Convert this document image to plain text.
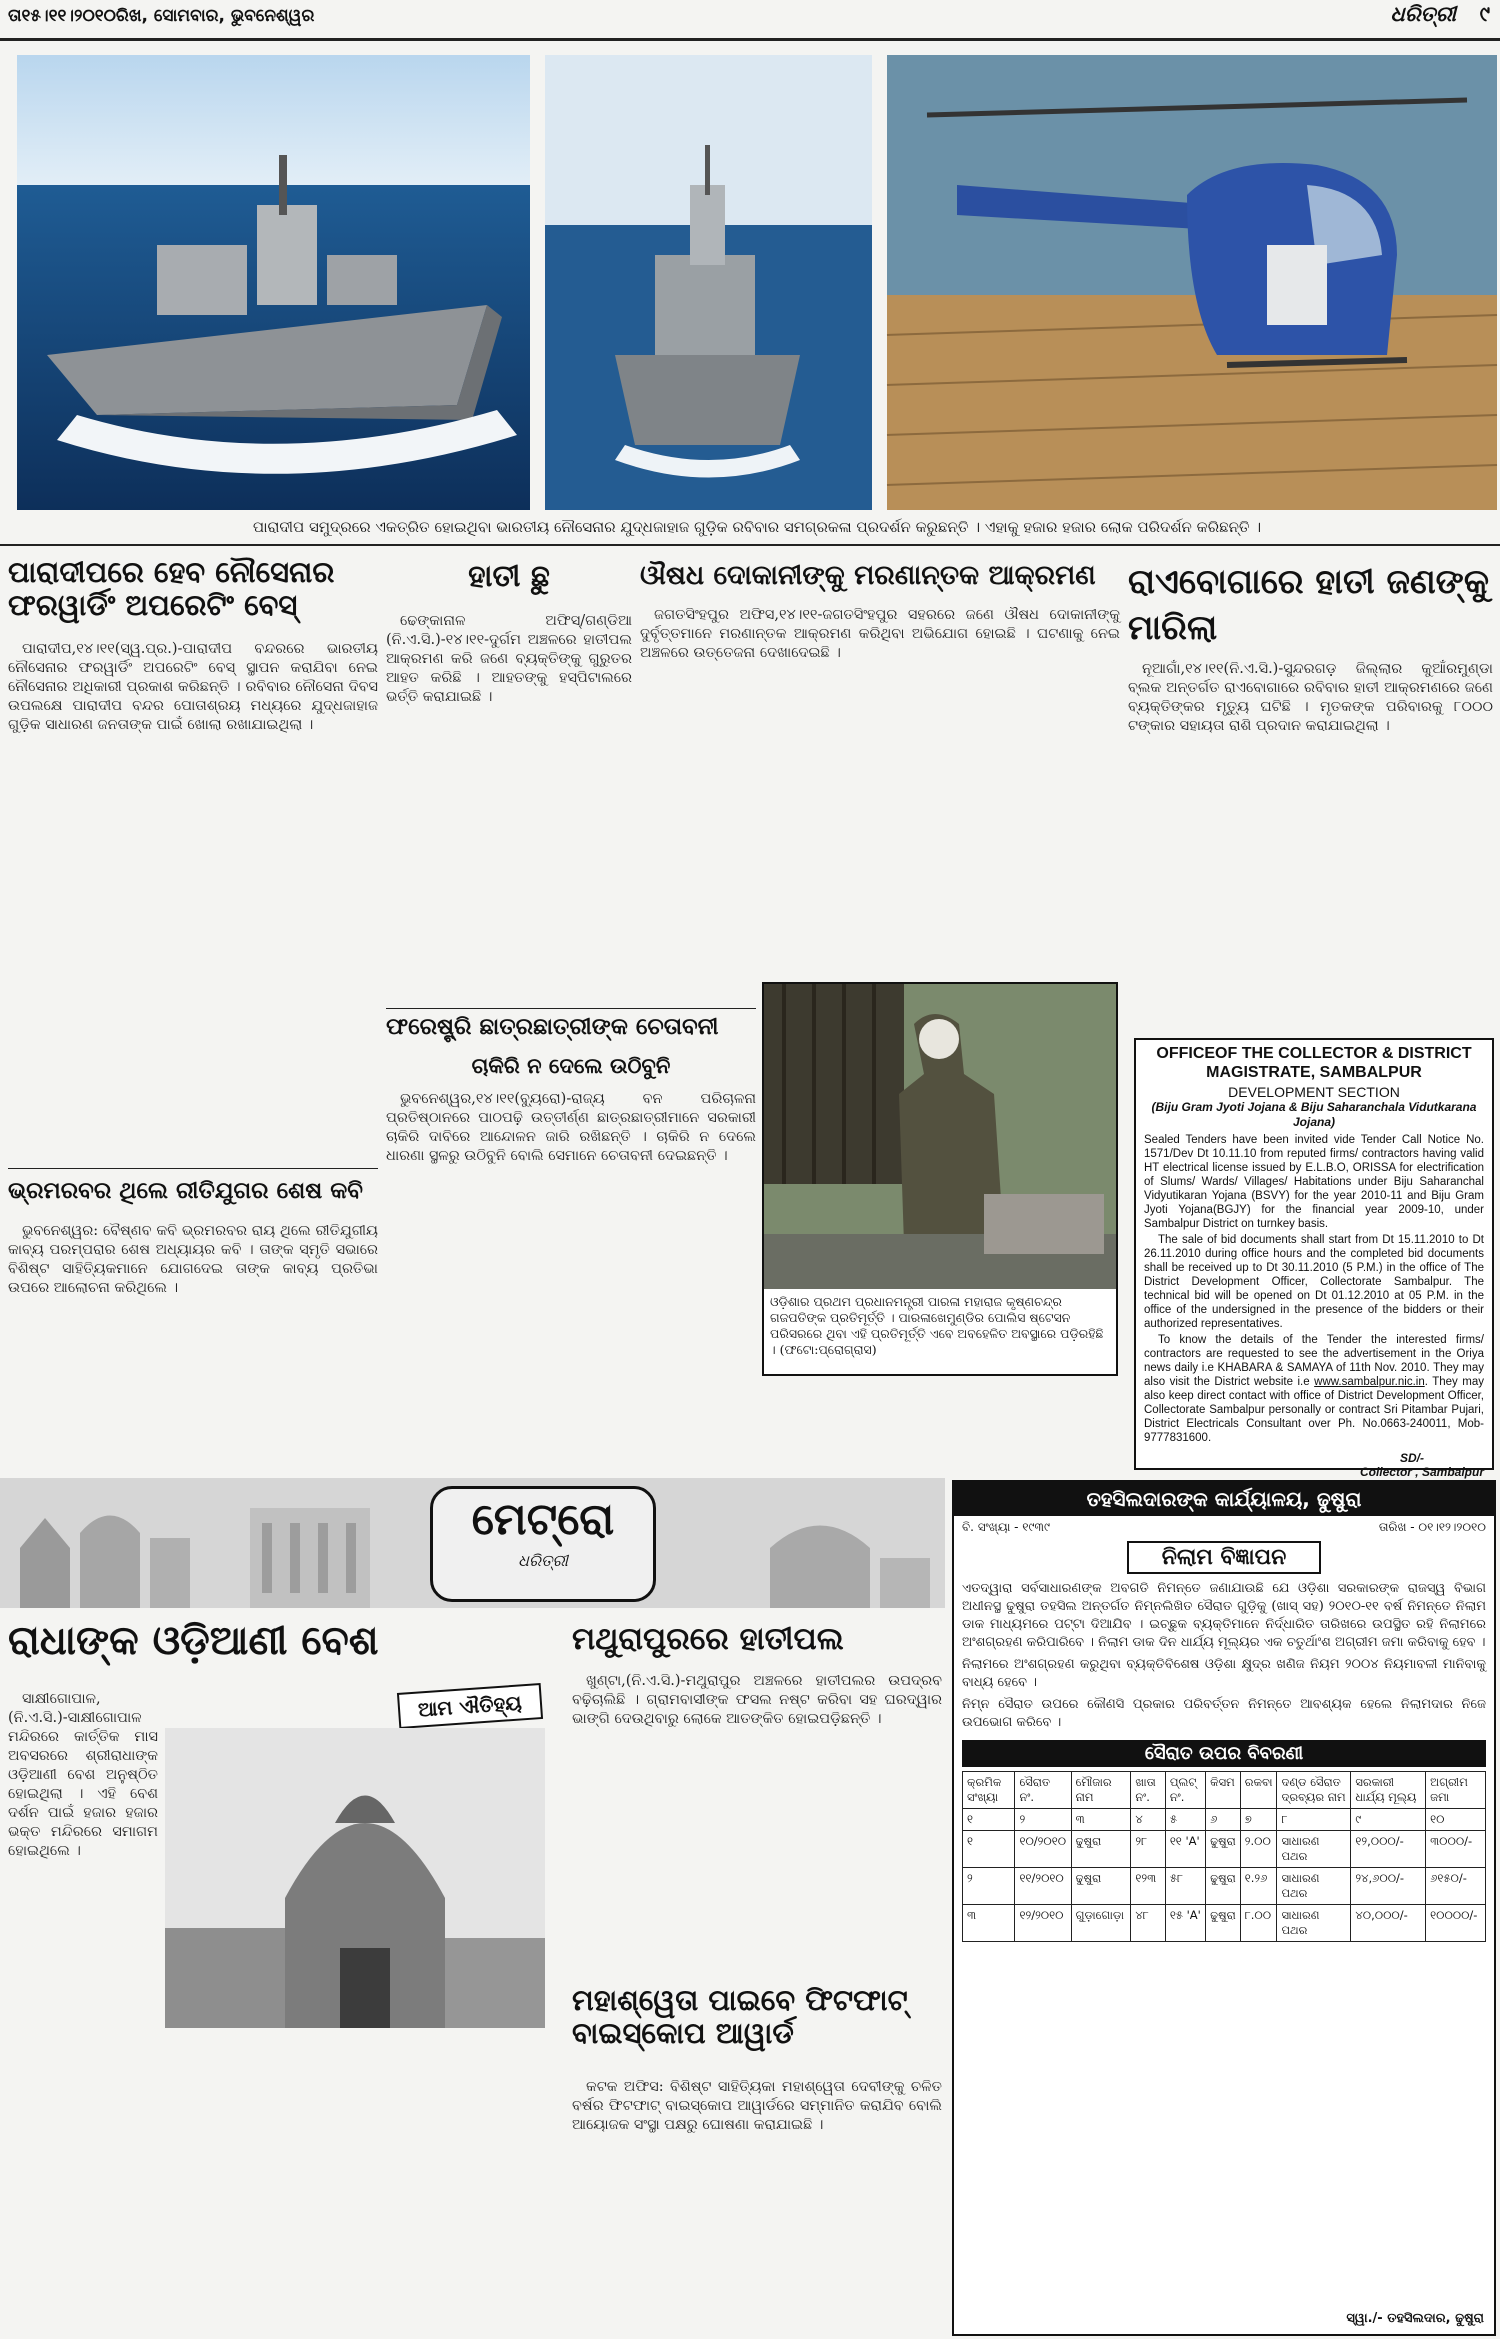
ତା୧୫।୧୧।୨୦୧୦ରିଖ, ସୋମବାର, ଭୁବନେଶ୍ୱର	ଧରିତ୍ରୀ ୯
ପାରାଦୀପ ସମୁଦ୍ରରେ ଏକତ୍ରିତ ହୋଇଥିବା ଭାରତୀୟ ନୌସେନାର ଯୁଦ୍ଧଜାହାଜ ଗୁଡ଼ିକ ରବିବାର ସମଗ୍ରକଳା ପ୍ରଦର୍ଶନ କରୁଛନ୍ତି । ଏହାକୁ ହଜାର ହଜାର ଲୋକ ପରିଦର୍ଶନ କରିଛନ୍ତି ।
ପାରାଦୀପରେ ହେବ ନୌସେନାର ଫରୱାର୍ଡିଂ ଅପରେଟିଂ ବେସ୍

ପାରାଦୀପ,୧୪।୧୧(ସ୍ୱ.ପ୍ର.)-ପାରାଦୀପ ବନ୍ଦରରେ ଭାରତୀୟ ନୌସେନାର ଫରୱାର୍ଡିଂ ଅପରେଟିଂ ବେସ୍ ସ୍ଥାପନ କରାଯିବା ନେଇ ନୌସେନାର ଅଧିକାରୀ ପ୍ରକାଶ କରିଛନ୍ତି । ରବିବାର ନୌସେନା ଦିବସ ଉପଲକ୍ଷେ ପାରାଦୀପ ବନ୍ଦର ପୋତାଶ୍ରୟ ମଧ୍ୟରେ ଯୁଦ୍ଧଜାହାଜ ଗୁଡ଼ିକ ସାଧାରଣ ଜନତାଙ୍କ ପାଇଁ ଖୋଲା ରଖାଯାଇଥିଲା ।

ଭ୍ରମରବର ଥିଲେ ରୀତିଯୁଗର ଶେଷ କବି

ଭୁବନେଶ୍ୱର: ବୈଷ୍ଣବ କବି ଭ୍ରମରବର ରାୟ ଥିଲେ ରୀତିଯୁଗୀୟ କାବ୍ୟ ପରମ୍ପରାର ଶେଷ ଅଧ୍ୟାୟର କବି । ତାଙ୍କ ସ୍ମୃତି ସଭାରେ ବିଶିଷ୍ଟ ସାହିତ୍ୟିକମାନେ ଯୋଗଦେଇ ତାଙ୍କ କାବ୍ୟ ପ୍ରତିଭା ଉପରେ ଆଲୋଚନା କରିଥିଲେ ।

ହାତୀ ଛୁ

ଢେଙ୍କାନାଳ ଅଫିସ୍/ଗଣ୍ଡିଆ (ନି.ଏ.ସି.)-୧୪।୧୧-ଦୁର୍ଗମ ଅଞ୍ଚଳରେ ହାତୀପଲ ଆକ୍ରମଣ କରି ଜଣେ ବ୍ୟକ୍ତିଙ୍କୁ ଗୁରୁତର ଆହତ କରିଛି । ଆହତଙ୍କୁ ହସ୍ପିଟାଲରେ ଭର୍ତ୍ତି କରାଯାଇଛି ।

ଔଷଧ ଦୋକାନୀଙ୍କୁ ମରଣାନ୍ତକ ଆକ୍ରମଣ

ଜଗତସିଂହପୁର ଅଫିସ,୧୪।୧୧-ଜଗତସିଂହପୁର ସହରରେ ଜଣେ ଔଷଧ ଦୋକାନୀଙ୍କୁ ଦୁର୍ବୃତ୍ତମାନେ ମରଣାନ୍ତକ ଆକ୍ରମଣ କରିଥିବା ଅଭିଯୋଗ ହୋଇଛି । ଘଟଣାକୁ ନେଇ ଅଞ୍ଚଳରେ ଉତ୍ତେଜନା ଦେଖାଦେଇଛି ।

ଫରେଷ୍ଟ୍ରି ଛାତ୍ରଛାତ୍ରୀଙ୍କ ଚେତାବନୀ
ଚାକିରି ନ ଦେଲେ ଉଠିବୁନି

ଭୁବନେଶ୍ୱର,୧୪।୧୧(ବ୍ୟୁରୋ)-ରାଜ୍ୟ ବନ ପରିଚାଳନା ପ୍ରତିଷ୍ଠାନରେ ପାଠପଢ଼ି ଉତ୍ତୀର୍ଣ୍ଣ ଛାତ୍ରଛାତ୍ରୀମାନେ ସରକାରୀ ଚାକିରି ଦାବିରେ ଆନ୍ଦୋଳନ ଜାରି ରଖିଛନ୍ତି । ଚାକିରି ନ ଦେଲେ ଧାରଣା ସ୍ଥଳରୁ ଉଠିବୁନି ବୋଲି ସେମାନେ ଚେତାବନୀ ଦେଇଛନ୍ତି ।

ଓଡ଼ିଶାର ପ୍ରଥମ ପ୍ରଧାନମନ୍ତ୍ରୀ ପାରଳା ମହାରାଜ କୃଷ୍ଣଚନ୍ଦ୍ର ଗଜପତିଙ୍କ ପ୍ରତିମୂର୍ତ୍ତି । ପାରଳାଖେମୁଣ୍ଡିର ପୋଲିସ ଷ୍ଟେସନ ପରିସରରେ ଥିବା ଏହି ପ୍ରତିମୂର୍ତ୍ତି ଏବେ ଅବହେଳିତ ଅବସ୍ଥାରେ ପଡ଼ିରହିଛି । (ଫଟୋ:ପ୍ରୋଗ୍ରାସ)
ରାଏବୋଗାରେ ହାତୀ ଜଣଙ୍କୁ ମାରିଲା

ନୂଆଗାଁ,୧୪।୧୧(ନି.ଏ.ସି.)-ସୁନ୍ଦରଗଡ଼ ଜିଲ୍ଲାର କୁଆଁରମୁଣ୍ଡା ବ୍ଲକ ଅନ୍ତର୍ଗତ ରାଏବୋଗାରେ ରବିବାର ହାତୀ ଆକ୍ରମଣରେ ଜଣେ ବ୍ୟକ୍ତିଙ୍କର ମୃତ୍ୟୁ ଘଟିଛି । ମୃତକଙ୍କ ପରିବାରକୁ ୮୦୦୦ ଟଙ୍କାର ସହାୟତା ରାଶି ପ୍ରଦାନ କରାଯାଇଥିଲା ।

OFFICEOF THE COLLECTOR & DISTRICT MAGISTRATE, SAMBALPUR
DEVELOPMENT SECTION
(Biju Gram Jyoti Jojana & Biju Saharanchala Vidutkarana Jojana)
Sealed Tenders have been invited vide Tender Call Notice No. 1571/Dev Dt 10.11.10 from reputed firms/ contractors having valid HT electrical license issued by E.L.B.O, ORISSA for electrification of Slums/ Wards/ Villages/ Habitations under Biju Saharanchal Vidyutikaran Yojana (BSVY) for the year 2010-11 and Biju Gram Jyoti Yojana(BGJY) for the financial year 2009-10, under Sambalpur District on turnkey basis.
The sale of bid documents shall start from Dt 15.11.2010 to Dt 26.11.2010 during office hours and the completed bid documents shall be received up to Dt 30.11.2010 (5 P.M.) in the office of The District Development Officer, Collectorate Sambalpur. The technical bid will be opened on Dt 01.12.2010 at 05 P.M. in the office of the undersigned in the presence of the bidders or their authorized representatives.
To know the details of the Tender the interested firms/ contractors are requested to see the advertisement in the Oriya news daily i.e KHABARA & SAMAYA of 11th Nov. 2010. They may also visit the District website i.e www.sambalpur.nic.in. They may also keep direct contact with office of District Development Officer, Collectorate Sambalpur personally or contract Sri Pitambar Pujari, District Electricals Consultant over Ph. No.0663-240011, Mob-9777831600.
SD/-
Collector , Sambalpur
ମେଟ୍ରୋ
ଧରିତ୍ରୀ
ରାଧାଙ୍କ ଓଡ଼ିଆଣୀ ବେଶ
ଆମ ଐତିହ୍ୟ

ସାକ୍ଷୀଗୋପାଳ,(ନି.ଏ.ସି.)-ସାକ୍ଷୀଗୋପାଳ ମନ୍ଦିରରେ କାର୍ତ୍ତିକ ମାସ ଅବସରରେ ଶ୍ରୀରାଧାଙ୍କ ଓଡ଼ିଆଣୀ ବେଶ ଅନୁଷ୍ଠିତ ହୋଇଥିଲା । ଏହି ବେଶ ଦର୍ଶନ ପାଇଁ ହଜାର ହଜାର ଭକ୍ତ ମନ୍ଦିରରେ ସମାଗମ ହୋଇଥିଲେ ।

ମଥୁରାପୁରରେ ହାତୀପଲ

ଖୁଣ୍ଟା,(ନି.ଏ.ସି.)-ମଥୁରାପୁର ଅଞ୍ଚଳରେ ହାତୀପଲର ଉପଦ୍ରବ ବଢ଼ିଚାଲିଛି । ଗ୍ରାମବାସୀଙ୍କ ଫସଲ ନଷ୍ଟ କରିବା ସହ ଘରଦ୍ୱାର ଭାଙ୍ଗି ଦେଉଥିବାରୁ ଲୋକେ ଆତଙ୍କିତ ହୋଇପଡ଼ିଛନ୍ତି ।

ମହାଶ୍ୱେତା ପାଇବେ ଫିଟଫାଟ୍ ବାଇସ୍କୋପ ଆୱାର୍ଡ

କଟକ ଅଫିସ: ବିଶିଷ୍ଟ ସାହିତ୍ୟିକା ମହାଶ୍ୱେତା ଦେବୀଙ୍କୁ ଚଳିତ ବର୍ଷର ଫିଟଫାଟ୍ ବାଇସ୍କୋପ ଆୱାର୍ଡରେ ସମ୍ମାନିତ କରାଯିବ ବୋଲି ଆୟୋଜକ ସଂସ୍ଥା ପକ୍ଷରୁ ଘୋଷଣା କରାଯାଇଛି ।

ତହସିଲଦାରଙ୍କ କାର୍ଯ୍ୟାଳୟ, ଢୁଷୁରା
ବି. ସଂଖ୍ୟା - ୧୯୩୯	ତାରିଖ - ୦୧।୧୨।୨୦୧୦
ନିଲାମ ବିଜ୍ଞାପନ
ଏତଦ୍ୱାରା ସର୍ବସାଧାରଣଙ୍କ ଅବଗତି ନିମନ୍ତେ ଜଣାଯାଉଛି ଯେ ଓଡ଼ିଶା ସରକାରଙ୍କ ରାଜସ୍ୱ ବିଭାଗ ଅଧୀନସ୍ଥ ଢୁଷୁରା ତହସିଲ ଅନ୍ତର୍ଗତ ନିମ୍ନଲିଖିତ ସୈରାତ ଗୁଡ଼ିକୁ (ଖାସ୍ ସହ) ୨୦୧୦-୧୧ ବର୍ଷ ନିମନ୍ତେ ନିଲାମ ଡାକ ମାଧ୍ୟମରେ ପଟ୍ଟା ଦିଆଯିବ । ଇଚ୍ଛୁକ ବ୍ୟକ୍ତିମାନେ ନିର୍ଦ୍ଧାରିତ ତାରିଖରେ ଉପସ୍ଥିତ ରହି ନିଲାମରେ ଅଂଶଗ୍ରହଣ କରିପାରିବେ । ନିଲାମ ଡାକ ଦିନ ଧାର୍ଯ୍ୟ ମୂଲ୍ୟର ଏକ ଚତୁର୍ଥାଂଶ ଅଗ୍ରୀମ ଜମା କରିବାକୁ ହେବ ।
ନିଲାମରେ ଅଂଶଗ୍ରହଣ କରୁଥିବା ବ୍ୟକ୍ତିବିଶେଷ ଓଡ଼ିଶା କ୍ଷୁଦ୍ର ଖଣିଜ ନିୟମ ୨୦୦୪ ନିୟମାବଳୀ ମାନିବାକୁ ବାଧ୍ୟ ହେବେ ।
ନିମ୍ନ ସୈରାତ ଉପରେ କୌଣସି ପ୍ରକାର ପରିବର୍ତ୍ତନ ନିମନ୍ତେ ଆବଶ୍ୟକ ହେଲେ ନିଲାମଦାର ନିଜେ ଉପଭୋଗ କରିବେ ।
ସୈରାତ ଉପର ବିବରଣୀ
କ୍ରମିକ ସଂଖ୍ୟା	ସୈରାତ ନଂ.	ମୌଜାର ନାମ	ଖାତା ନଂ.	ପ୍ଲଟ୍ ନଂ.	କିସମ	ରକବା	ଦଣ୍ଡ ସୈରାତ ଦ୍ରବ୍ୟର ନାମ	ସରକାରୀ ଧାର୍ଯ୍ୟ ମୂଲ୍ୟ	ଅଗ୍ରୀମ ଜମା
୧	୨	୩	୪	୫	୬	୭	୮	୯	୧୦
୧	୧୦/୨୦୧୦	ଢୁଷୁରା	୨୮	୧୧ 'A'	ଢୁଷୁରା	୨.୦୦	ସାଧାରଣ ପଥର	୧୨,୦୦୦/-	୩୦୦୦/-
୨	୧୧/୨୦୧୦	ଢୁଷୁରା	୧୨୩	୫୮	ଢୁଷୁରା	୧.୨୬	ସାଧାରଣ ପଥର	୨୪,୬୦୦/-	୬୧୫୦/-
୩	୧୨/୨୦୧୦	ଗୁଡ଼ାଗୋଡ଼ା	୪୮	୧୫ 'A'	ଢୁଷୁରା	୮.୦୦	ସାଧାରଣ ପଥର	୪୦,୦୦୦/-	୧୦୦୦୦/-
ସ୍ୱା./- ତହସିଲଦାର, ଢୁଷୁରା
